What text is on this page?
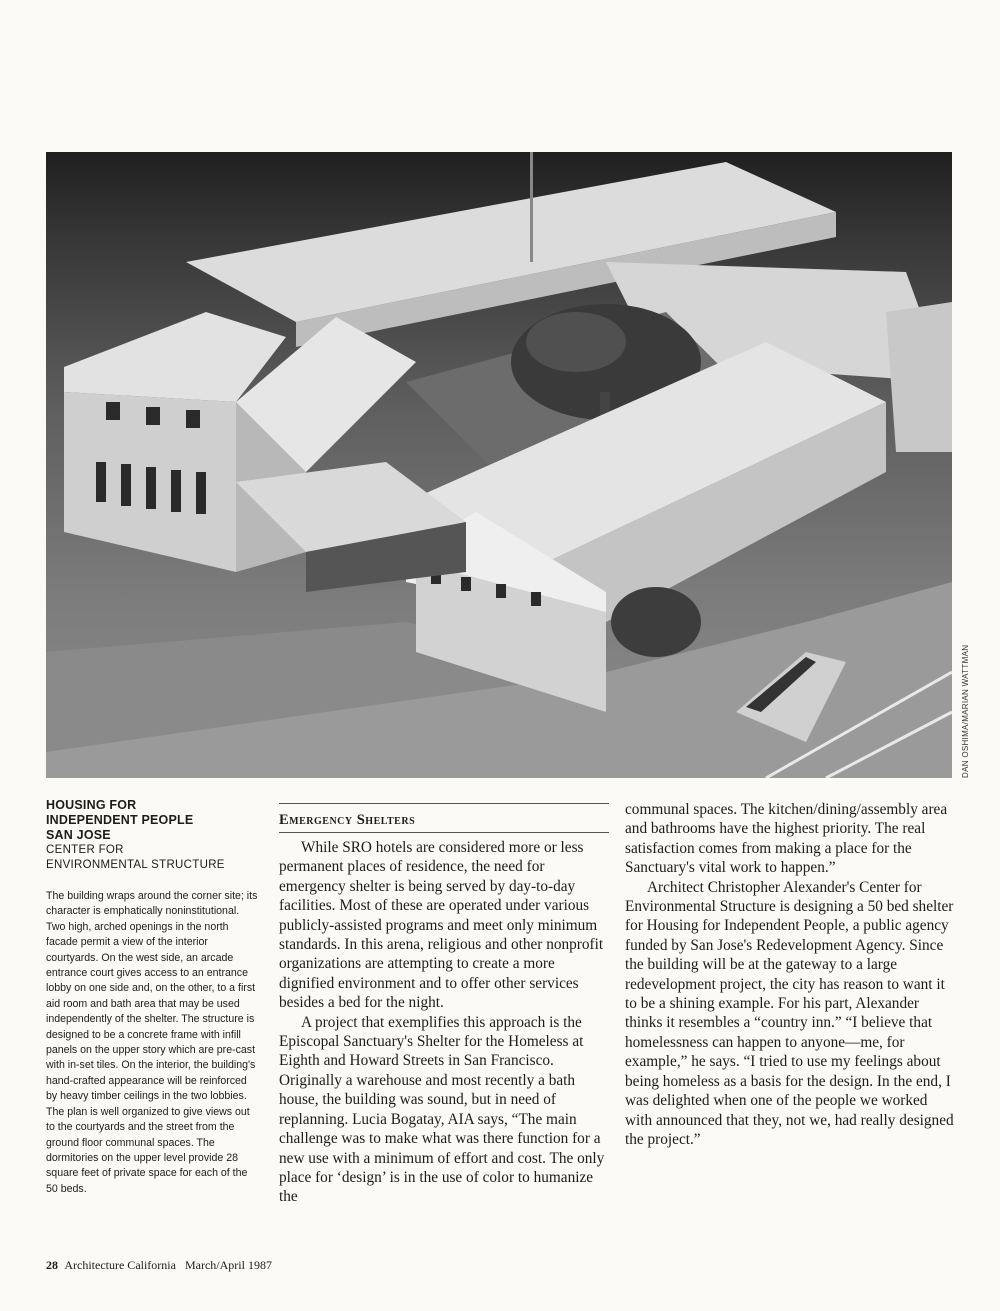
DAN OSHIMA/MARIAN WATTMAN

HOUSING FOR
INDEPENDENT PEOPLE
SAN JOSE

CENTER FOR
ENVIRONMENTAL STRUCTURE

The building wraps around the corner site; its character is emphatically noninstitutional. Two high, arched openings in the north facade permit a view of the interior courtyards. On the west side, an arcade entrance court gives access to an entrance lobby on one side and, on the other, to a first aid room and bath area that may be used independently of the shelter. The structure is designed to be a concrete frame with infill panels on the upper story which are pre-cast with in-set tiles. On the interior, the building's hand-crafted appearance will be reinforced by heavy timber ceilings in the two lobbies. The plan is well organized to give views out to the courtyards and the street from the ground floor communal spaces. The dormitories on the upper level provide 28 square feet of private space for each of the 50 beds.

Emergency Shelters

While SRO hotels are considered more or less permanent places of residence, the need for emergency shelter is being served by day-to-day facilities. Most of these are operated under various publicly-assisted programs and meet only minimum standards. In this arena, religious and other nonprofit organizations are attempting to create a more dignified environment and to offer other services besides a bed for the night.

A project that exemplifies this approach is the Episcopal Sanctuary's Shelter for the Homeless at Eighth and Howard Streets in San Francisco. Originally a warehouse and most recently a bath house, the building was sound, but in need of replanning. Lucia Bogatay, AIA says, “The main challenge was to make what was there function for a new use with a minimum of effort and cost. The only place for ‘design’ is in the use of color to humanize the

communal spaces. The kitchen/dining/assembly area and bathrooms have the highest priority. The real satisfaction comes from making a place for the Sanctuary's vital work to happen.”

Architect Christopher Alexander's Center for Environmental Structure is designing a 50 bed shelter for Housing for Independent People, a public agency funded by San Jose's Redevelopment Agency. Since the building will be at the gateway to a large redevelopment project, the city has reason to want it to be a shining example. For his part, Alexander thinks it resembles a “country inn.” “I believe that homelessness can happen to anyone—me, for example,” he says. “I tried to use my feelings about being homeless as a basis for the design. In the end, I was delighted when one of the people we worked with announced that they, not we, had really designed the project.”

28 Architecture California March/April 1987
